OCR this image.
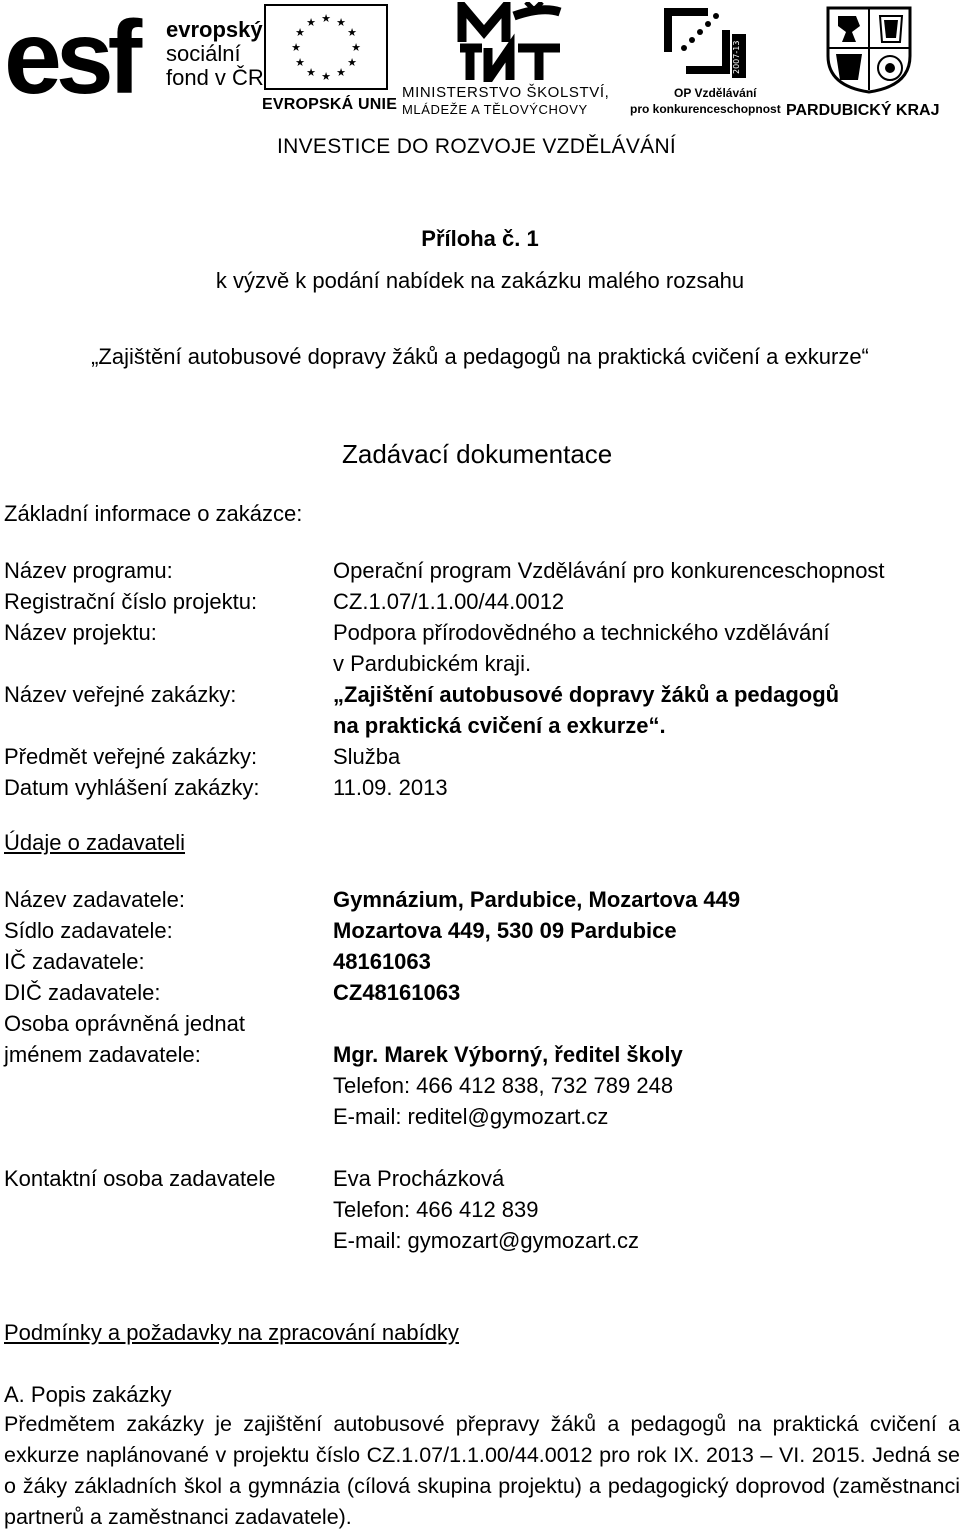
esf evropský
sociální
fond v ČR
★ ★
★
★
★
★
★
★
★
★
★
★
EVROPSKÁ UNIE
MINISTERSTVO ŠKOLSTVÍ,
MLÁDEŽE A TĚLOVÝCHOVY
2007-13
OP Vzdělávání
pro konkurenceschopnost PARDUBICKÝ KRAJ
INVESTICE DO ROZVOJE VZDĚLÁVÁNÍ
Příloha č. 1
k výzvě k podání nabídek na zakázku malého rozsahu
„Zajištění autobusové dopravy žáků a pedagogů na praktická cvičení a exkurze“
Zadávací dokumentace
Základní informace o zakázce:
Název programu:	Operační program Vzdělávání pro konkurenceschopnost
Registrační číslo projektu:	CZ.1.07/1.1.00/44.0012
Název projektu:	Podpora přírodovědného a technického vzdělávání
v Pardubickém kraji.
Název veřejné zakázky:	„Zajištění autobusové dopravy žáků a pedagogů
na praktická cvičení a exkurze“.
Předmět veřejné zakázky:	Služba
Datum vyhlášení zakázky:	11.09. 2013
Údaje o zadavateli
Název zadavatele:	Gymnázium, Pardubice, Mozartova 449
Sídlo zadavatele:	Mozartova 449, 530 09 Pardubice
IČ zadavatele:	48161063
DIČ zadavatele:	CZ48161063
Osoba oprávněná jednat
jménem zadavatele:	Mgr. Marek Výborný, ředitel školy
Telefon: 466 412 838, 732 789 248
E-mail: reditel@gymozart.cz
Kontaktní osoba zadavatele	Eva Procházková
Telefon: 466 412 839
E-mail: gymozart@gymozart.cz
Podmínky a požadavky na zpracování nabídky
A. Popis zakázky
Předmětem zakázky je zajištění autobusové přepravy žáků a pedagogů na praktická cvičení a exkurze naplánované v projektu číslo CZ.1.07/1.1.00/44.0012 pro rok IX. 2013 – VI. 2015. Jedná se o žáky základních škol a gymnázia (cílová skupina projektu) a pedagogický doprovod (zaměstnanci partnerů a zaměstnanci zadavatele).
